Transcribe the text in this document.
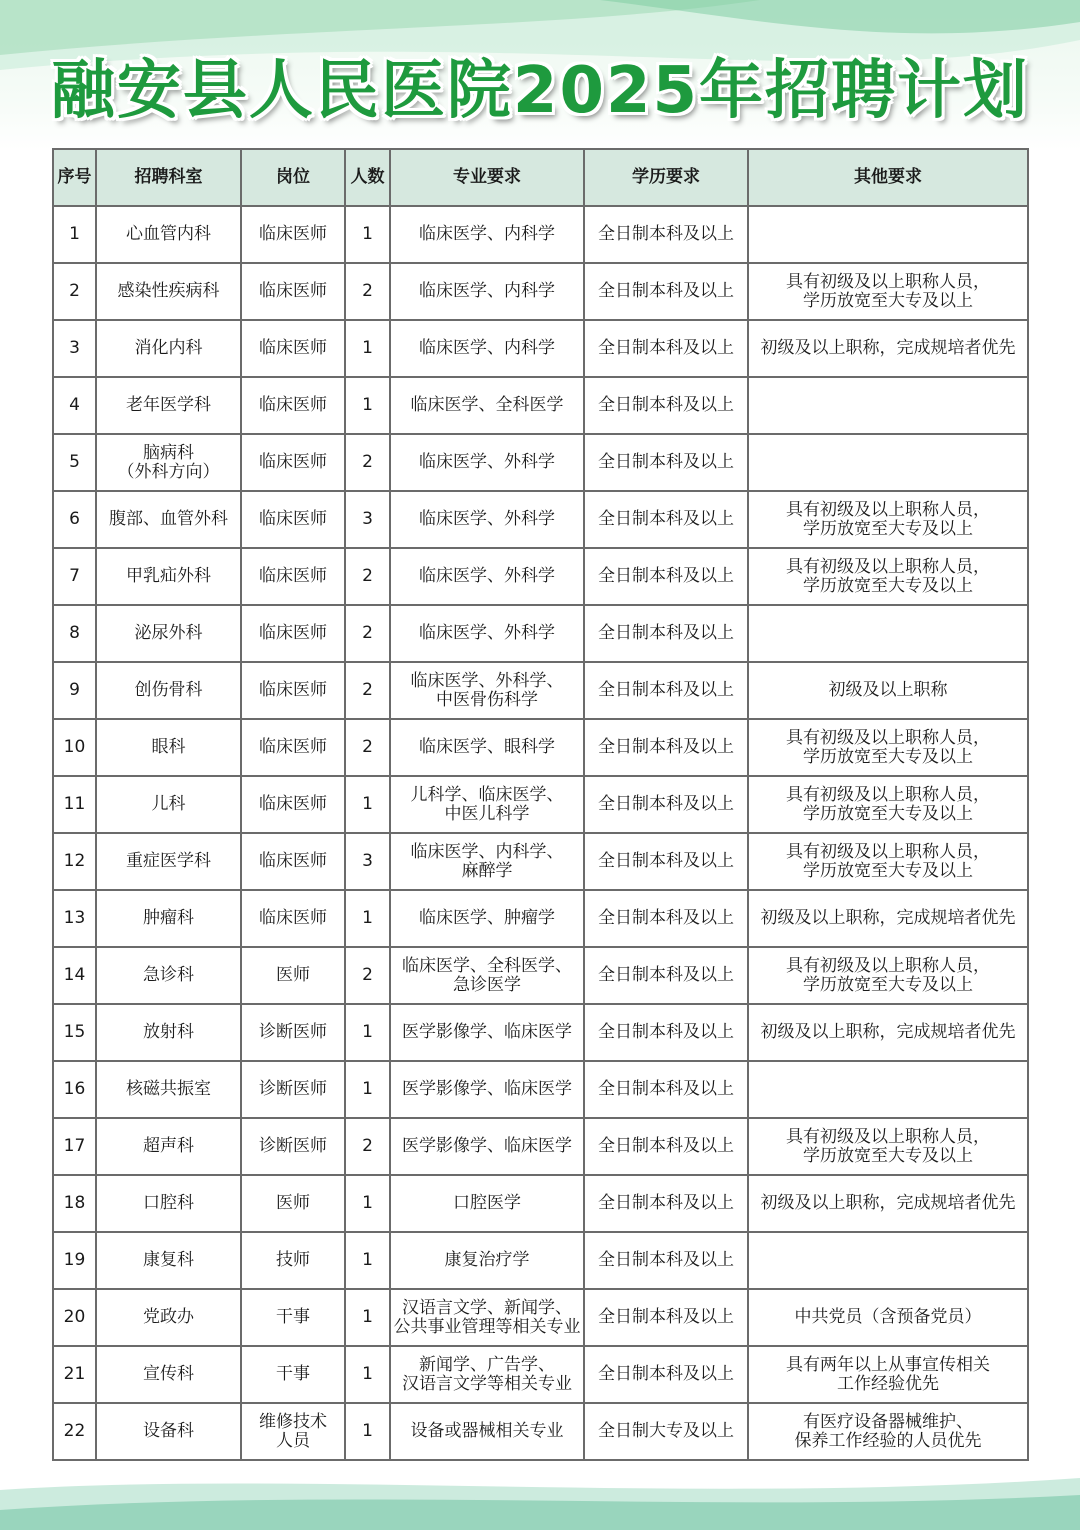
融安县人民医院2025年招聘计划
序号	招聘科室	岗位	人数	专业要求	学历要求	其他要求

1	心血管内科	临床医师	1	临床医学、内科学	全日制本科及以上	

2	感染性疾病科	临床医师	2	临床医学、内科学	全日制本科及以上	具有初级及以上职称人员，
学历放宽至大专及以上

3	消化内科	临床医师	1	临床医学、内科学	全日制本科及以上	初级及以上职称，完成规培者优先

4	老年医学科	临床医师	1	临床医学、全科医学	全日制本科及以上	

5	脑病科
（外科方向）	临床医师	2	临床医学、外科学	全日制本科及以上	

6	腹部、血管外科	临床医师	3	临床医学、外科学	全日制本科及以上	具有初级及以上职称人员，
学历放宽至大专及以上

7	甲乳疝外科	临床医师	2	临床医学、外科学	全日制本科及以上	具有初级及以上职称人员，
学历放宽至大专及以上

8	泌尿外科	临床医师	2	临床医学、外科学	全日制本科及以上	

9	创伤骨科	临床医师	2	临床医学、外科学、
中医骨伤科学	全日制本科及以上	初级及以上职称

10	眼科	临床医师	2	临床医学、眼科学	全日制本科及以上	具有初级及以上职称人员，
学历放宽至大专及以上

11	儿科	临床医师	1	儿科学、临床医学、
中医儿科学	全日制本科及以上	具有初级及以上职称人员，
学历放宽至大专及以上

12	重症医学科	临床医师	3	临床医学、内科学、
麻醉学	全日制本科及以上	具有初级及以上职称人员，
学历放宽至大专及以上

13	肿瘤科	临床医师	1	临床医学、肿瘤学	全日制本科及以上	初级及以上职称，完成规培者优先

14	急诊科	医师	2	临床医学、全科医学、
急诊医学	全日制本科及以上	具有初级及以上职称人员，
学历放宽至大专及以上

15	放射科	诊断医师	1	医学影像学、临床医学	全日制本科及以上	初级及以上职称，完成规培者优先

16	核磁共振室	诊断医师	1	医学影像学、临床医学	全日制本科及以上	

17	超声科	诊断医师	2	医学影像学、临床医学	全日制本科及以上	具有初级及以上职称人员，
学历放宽至大专及以上

18	口腔科	医师	1	口腔医学	全日制本科及以上	初级及以上职称，完成规培者优先

19	康复科	技师	1	康复治疗学	全日制本科及以上	

20	党政办	干事	1	汉语言文学、新闻学、
公共事业管理等相关专业	全日制本科及以上	中共党员（含预备党员）

21	宣传科	干事	1	新闻学、广告学、
汉语言文学等相关专业	全日制本科及以上	具有两年以上从事宣传相关
工作经验优先

22	设备科	维修技术
人员	1	设备或器械相关专业	全日制大专及以上	有医疗设备器械维护、
保养工作经验的人员优先
